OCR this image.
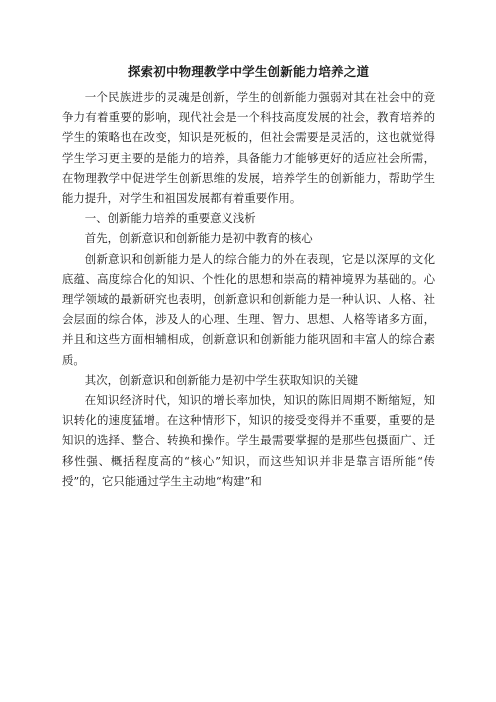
探索初中物理教学中学生创新能力培养之道

一个民族进步的灵魂是创新，学生的创新能力强弱对其在社会中的竞争力有着重要的影响，现代社会是一个科技高度发展的社会，教育培养的学生的策略也在改变，知识是死板的，但社会需要是灵活的，这也就觉得学生学习更主要的是能力的培养，具备能力才能够更好的适应社会所需，在物理教学中促进学生创新思维的发展，培养学生的创新能力，帮助学生能力提升，对学生和祖国发展都有着重要作用。

一、创新能力培养的重要意义浅析

首先，创新意识和创新能力是初中教育的核心

创新意识和创新能力是人的综合能力的外在表现，它是以深厚的文化底蕴、高度综合化的知识、个性化的思想和崇高的精神境界为基础的。心理学领域的最新研究也表明，创新意识和创新能力是一种认识、人格、社会层面的综合体，涉及人的心理、生理、智力、思想、人格等诸多方面，并且和这些方面相辅相成，创新意识和创新能力能巩固和丰富人的综合素质。

其次，创新意识和创新能力是初中学生获取知识的关键

在知识经济时代，知识的增长率加快，知识的陈旧周期不断缩短，知识转化的速度猛增。在这种情形下，知识的接受变得并不重要，重要的是知识的选择、整合、转换和操作。学生最需要掌握的是那些包摄面广、迁移性强、概括程度高的“核心”知识，而这些知识并非是靠言语所能“传授”的，它只能通过学生主动地“构建”和
